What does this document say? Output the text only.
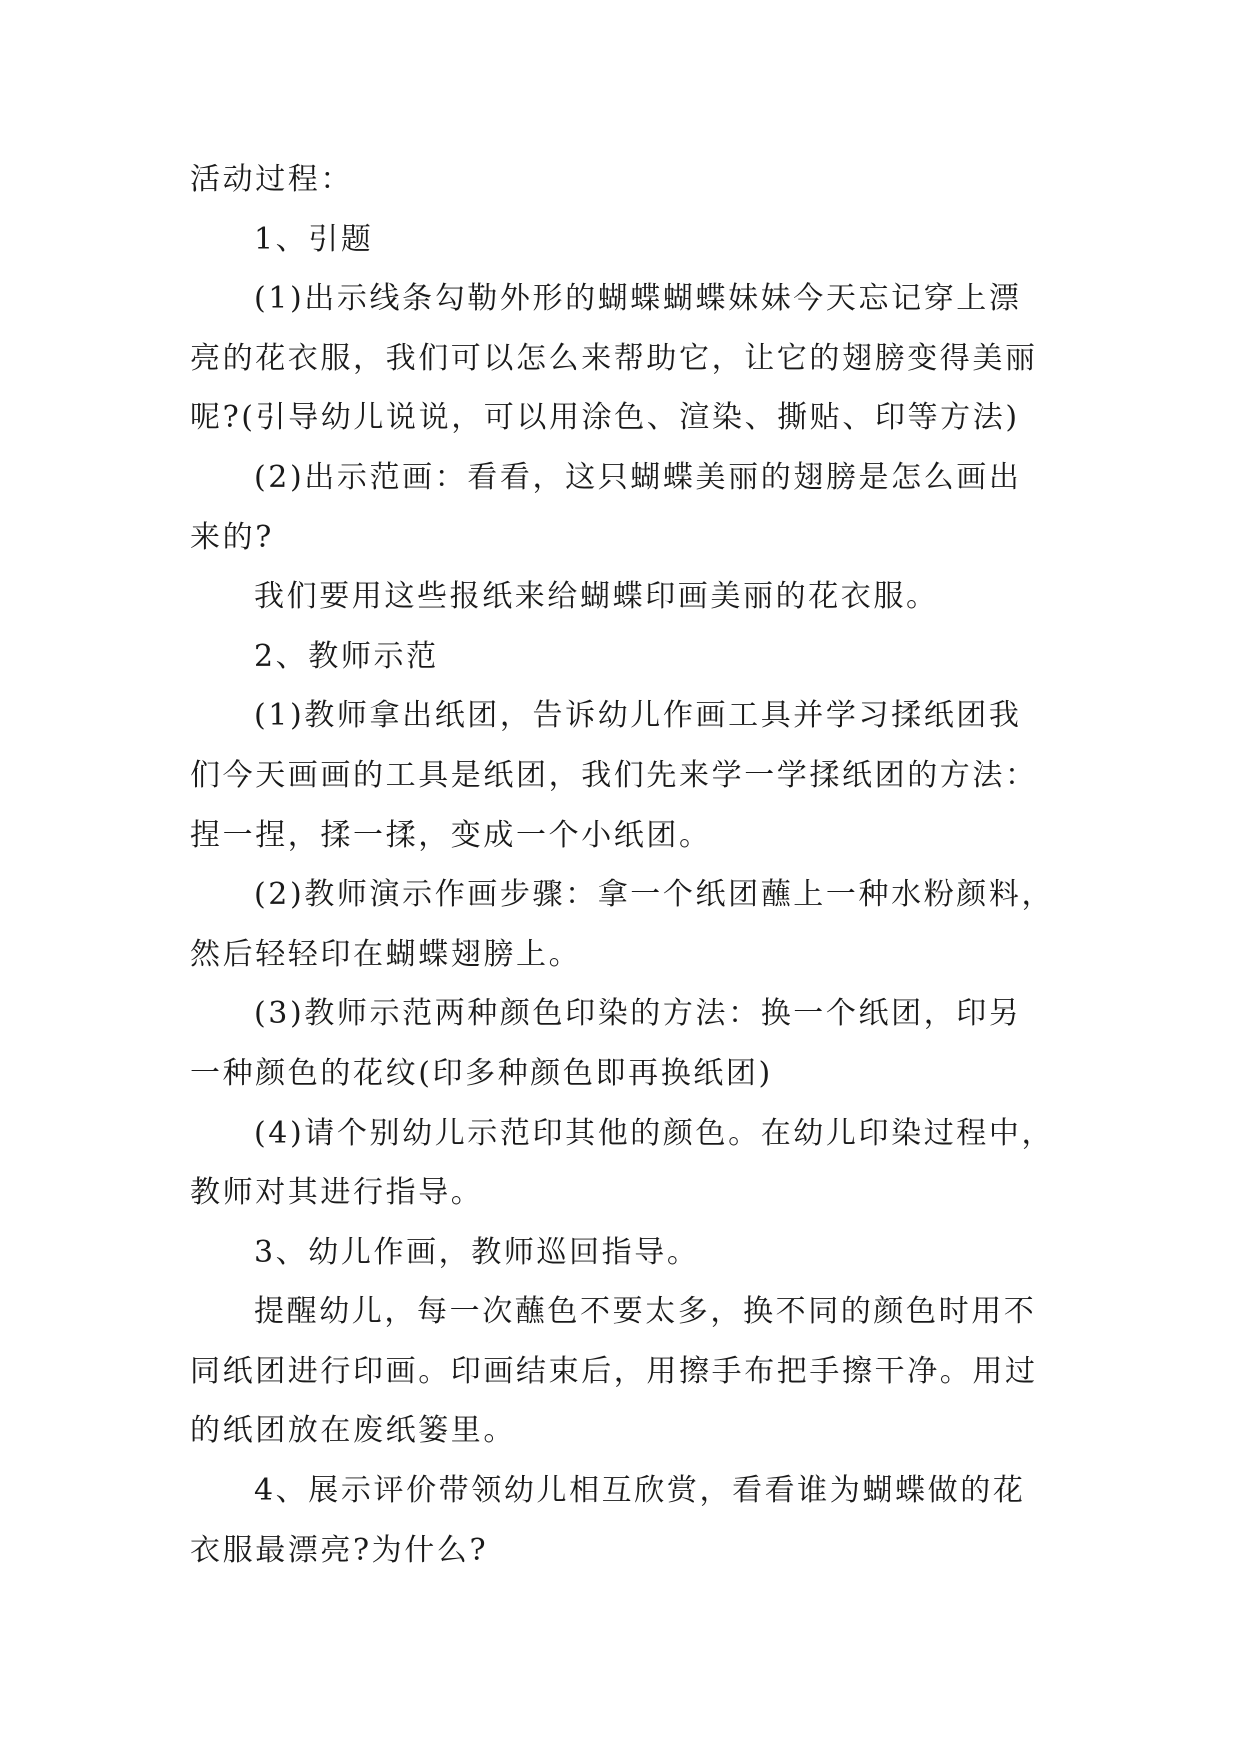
活动过程：
1、引题
(1)出示线条勾勒外形的蝴蝶蝴蝶妹妹今天忘记穿上漂
亮的花衣服，我们可以怎么来帮助它，让它的翅膀变得美丽
呢?(引导幼儿说说，可以用涂色、渲染、撕贴、印等方法)
(2)出示范画：看看，这只蝴蝶美丽的翅膀是怎么画出
来的?
我们要用这些报纸来给蝴蝶印画美丽的花衣服。
2、教师示范
(1)教师拿出纸团，告诉幼儿作画工具并学习揉纸团我
们今天画画的工具是纸团，我们先来学一学揉纸团的方法：
捏一捏，揉一揉，变成一个小纸团。
(2)教师演示作画步骤：拿一个纸团蘸上一种水粉颜料，
然后轻轻印在蝴蝶翅膀上。
(3)教师示范两种颜色印染的方法：换一个纸团，印另
一种颜色的花纹(印多种颜色即再换纸团)
(4)请个别幼儿示范印其他的颜色。在幼儿印染过程中，
教师对其进行指导。
3、幼儿作画，教师巡回指导。
提醒幼儿，每一次蘸色不要太多，换不同的颜色时用不
同纸团进行印画。印画结束后，用擦手布把手擦干净。用过
的纸团放在废纸篓里。
4、展示评价带领幼儿相互欣赏，看看谁为蝴蝶做的花
衣服最漂亮?为什么?
